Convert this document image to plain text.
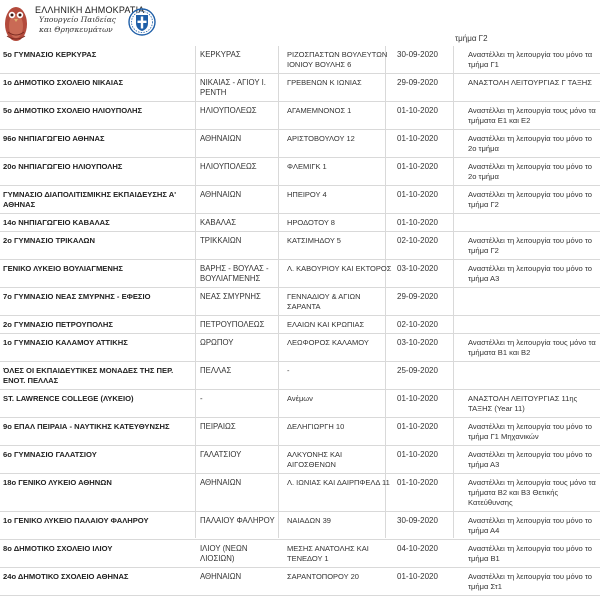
ΕΛΛΗΝΙΚΗ ΔΗΜΟΚΡΑΤΙΑ
Υπουργείο Παιδείας
και Θρησκευμάτων
τμήμα Γ2
5ο ΓΥΜΝΑΣΙΟ ΚΕΡΚΥΡΑΣ	ΚΕΡΚΥΡΑΣ	ΡΙΖΟΣΠΑΣΤΩΝ ΒΟΥΛΕΥΤΩΝ ΙΟΝΙΟΥ ΒΟΥΛΗΣ 6	30-09-2020	Αναστέλλει τη λειτουργία του μόνο τα τμήμα Γ1
1ο ΔΗΜΟΤΙΚΟ ΣΧΟΛΕΙΟ ΝΙΚΑΙΑΣ	ΝΙΚΑΙΑΣ - ΑΓΙΟΥ Ι. ΡΕΝΤΗ	ΓΡΕΒΕΝΩΝ Κ ΙΩΝΙΑΣ	29-09-2020	ΑΝΑΣΤΟΛΗ ΛΕΙΤΟΥΡΓΙΑΣ Γ ΤΑΞΗΣ
5ο ΔΗΜΟΤΙΚΟ ΣΧΟΛΕΙΟ ΗΛΙΟΥΠΟΛΗΣ	ΗΛΙΟΥΠΟΛΕΩΣ	ΑΓΑΜΕΜΝΟΝΟΣ 1	01-10-2020	Αναστέλλει τη λειτουργία τους μόνο τα τμήματα Ε1 και Ε2
96ο ΝΗΠΙΑΓΩΓΕΙΟ ΑΘΗΝΑΣ	ΑΘΗΝΑΙΩΝ	ΑΡΙΣΤΟΒΟΥΛΟΥ 12	01-10-2020	Αναστέλλει τη λειτουργία του μόνο το 2ο τμήμα
20ο ΝΗΠΙΑΓΩΓΕΙΟ ΗΛΙΟΥΠΟΛΗΣ	ΗΛΙΟΥΠΟΛΕΩΣ	ΦΛΕΜΙΓΚ 1	01-10-2020	Αναστέλλει τη λειτουργία του μόνο το 2ο τμήμα
ΓΥΜΝΑΣΙΟ ΔΙΑΠΟΛΙΤΙΣΜΙΚΗΣ ΕΚΠΑΙΔΕΥΣΗΣ Α' ΑΘΗΝΑΣ	ΑΘΗΝΑΙΩΝ	ΗΠΕΙΡΟΥ 4	01-10-2020	Αναστέλλει τη λειτουργία του μόνο το τμήμα Γ2
14ο ΝΗΠΙΑΓΩΓΕΙΟ ΚΑΒΑΛΑΣ	ΚΑΒΑΛΑΣ	ΗΡΟΔΟΤΟΥ 8	01-10-2020	
2ο ΓΥΜΝΑΣΙΟ ΤΡΙΚΑΛΩΝ	ΤΡΙΚΚΑΙΩΝ	ΚΑΤΣΙΜΗΔΟΥ 5	02-10-2020	Αναστέλλει τη λειτουργία του μόνο το τμήμα Γ2
ΓΕΝΙΚΟ ΛΥΚΕΙΟ ΒΟΥΛΙΑΓΜΕΝΗΣ	ΒΑΡΗΣ - ΒΟΥΛΑΣ - ΒΟΥΛΙΑΓΜΕΝΗΣ	Λ. ΚΑΒΟΥΡΙΟΥ ΚΑΙ ΕΚΤΟΡΟΣ	03-10-2020	Αναστέλλει τη λειτουργία του μόνο το τμήμα Α3
7ο ΓΥΜΝΑΣΙΟ ΝΕΑΣ ΣΜΥΡΝΗΣ - ΕΦΕΣΙΟ	ΝΕΑΣ ΣΜΥΡΝΗΣ	ΓΕΝΝΑΔΙΟΥ & ΑΓΙΩΝ ΣΑΡΑΝΤΑ	29-09-2020	
2ο ΓΥΜΝΑΣΙΟ ΠΕΤΡΟΥΠΟΛΗΣ	ΠΕΤΡΟΥΠΟΛΕΩΣ	ΕΛΑΙΩΝ ΚΑΙ ΚΡΩΠΙΑΣ	02-10-2020	
1ο ΓΥΜΝΑΣΙΟ ΚΑΛΑΜΟΥ ΑΤΤΙΚΗΣ	ΩΡΩΠΟΥ	ΛΕΩΦΟΡΟΣ ΚΑΛΑΜΟΥ	03-10-2020	Αναστέλλει τη λειτουργία τους μόνο τα τμήματα Β1 και Β2
ΌΛΕΣ ΟΙ ΕΚΠΑΙΔΕΥΤΙΚΕΣ ΜΟΝΑΔΕΣ ΤΗΣ ΠΕΡ. ΕΝΟΤ. ΠΕΛΛΑΣ	ΠΕΛΛΑΣ	-	25-09-2020	
ST. LAWRENCE COLLEGE (ΛΥΚΕΙΟ)	-	Ανέμων	01-10-2020	ΑΝΑΣΤΟΛΗ ΛΕΙΤΟΥΡΓΙΑΣ 11ης ΤΑΞΗΣ (Year 11)
9ο ΕΠΑΛ ΠΕΙΡΑΙΑ - ΝΑΥΤΙΚΗΣ ΚΑΤΕΥΘΥΝΣΗΣ	ΠΕΙΡΑΙΩΣ	ΔΕΛΗΓΙΩΡΓΗ 10	01-10-2020	Αναστέλλει τη λειτουργία του μόνο το τμήμα Γ1 Μηχανικών
6ο ΓΥΜΝΑΣΙΟ ΓΑΛΑΤΣΙΟΥ	ΓΑΛΑΤΣΙΟΥ	ΑΛΚΥΟΝΗΣ ΚΑΙ ΑΙΓΟΣΘΕΝΩΝ	01-10-2020	Αναστέλλει τη λειτουργία του μόνο το τμήμα Α3
18ο ΓΕΝΙΚΟ ΛΥΚΕΙΟ ΑΘΗΝΩΝ	ΑΘΗΝΑΙΩΝ	Λ. ΙΩΝΙΑΣ ΚΑΙ ΔΑΙΡΠΦΕΛΔ 11	01-10-2020	Αναστέλλει τη λειτουργία τους μόνο τα τμήματα Β2 και Β3 Θετικής Κατεύθυνσης
1ο ΓΕΝΙΚΟ ΛΥΚΕΙΟ ΠΑΛΑΙΟΥ ΦΑΛΗΡΟΥ	ΠΑΛΑΙΟΥ ΦΑΛΗΡΟΥ	ΝΑΙΑΔΩΝ 39	30-09-2020	Αναστέλλει τη λειτουργία του μόνο το τμήμα Α4
8ο ΔΗΜΟΤΙΚΟ ΣΧΟΛΕΙΟ ΙΛΙΟΥ	ΙΛΙΟΥ (ΝΕΩΝ ΛΙΟΣΙΩΝ)	ΜΕΣΗΣ ΑΝΑΤΟΛΗΣ ΚΑΙ ΤΕΝΕΔΟΥ 1	04-10-2020	Αναστέλλει τη λειτουργία του μόνο το τμήμα Β1
24ο ΔΗΜΟΤΙΚΟ ΣΧΟΛΕΙΟ ΑΘΗΝΑΣ	ΑΘΗΝΑΙΩΝ	ΣΑΡΑΝΤΟΠΟΡΟΥ 20	01-10-2020	Αναστέλλει τη λειτουργία του μόνο το τμήμα Στ1
